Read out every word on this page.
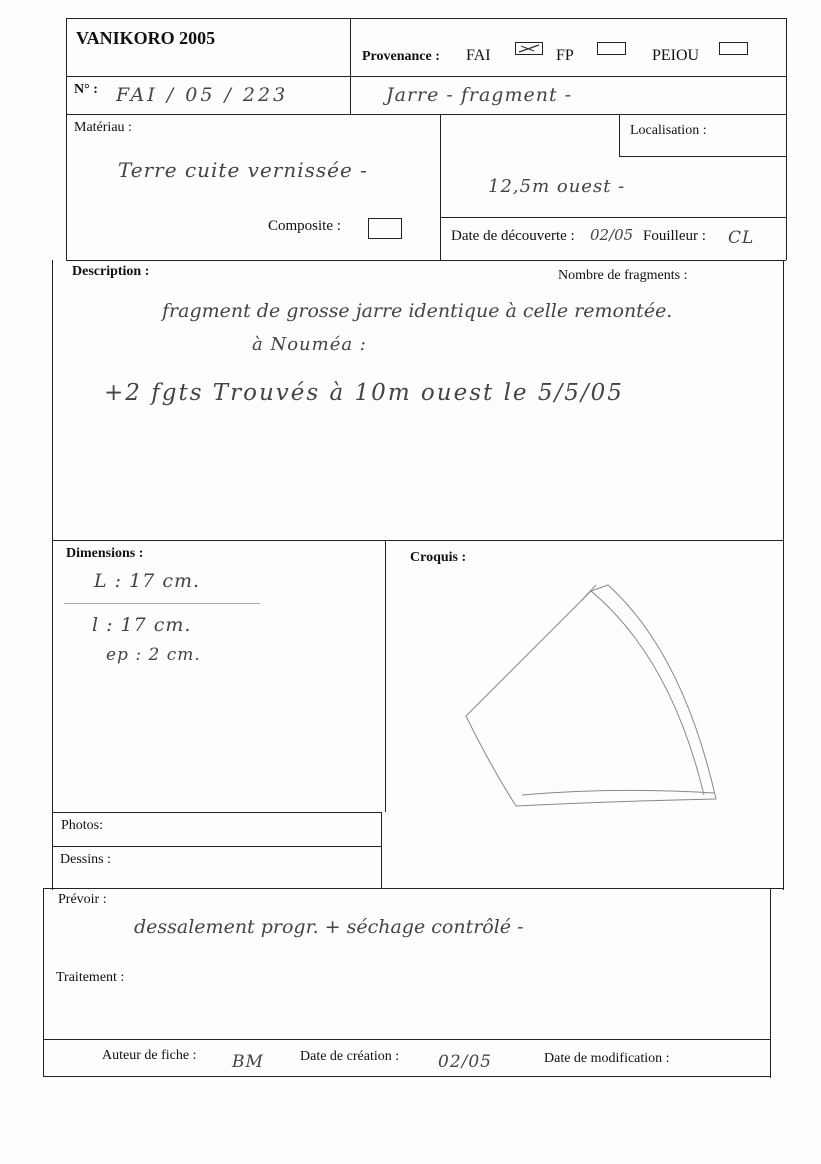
VANIKORO 2005
Provenance : FAI	FP	PEIOU
N° : FAI / 05 / 223	Jarre - fragment -
Matériau :
Terre cuite vernissée -
Composite :
Localisation :
12,5m ouest -
Date de découverte : 02/05 Fouilleur : CL
Description :	Nombre de fragments :
fragment de grosse jarre identique à celle remontée.
à Nouméa :
+2 fgts Trouvés à 10m ouest le 5/5/05
Dimensions :
L : 17 cm.
l : 17 cm.
ep : 2 cm.
Croquis :
Photos:
Dessins :
Prévoir :
dessalement progr. + séchage contrôlé -
Traitement :
Auteur de fiche : BM	Date de création : 02/05	Date de modification :
